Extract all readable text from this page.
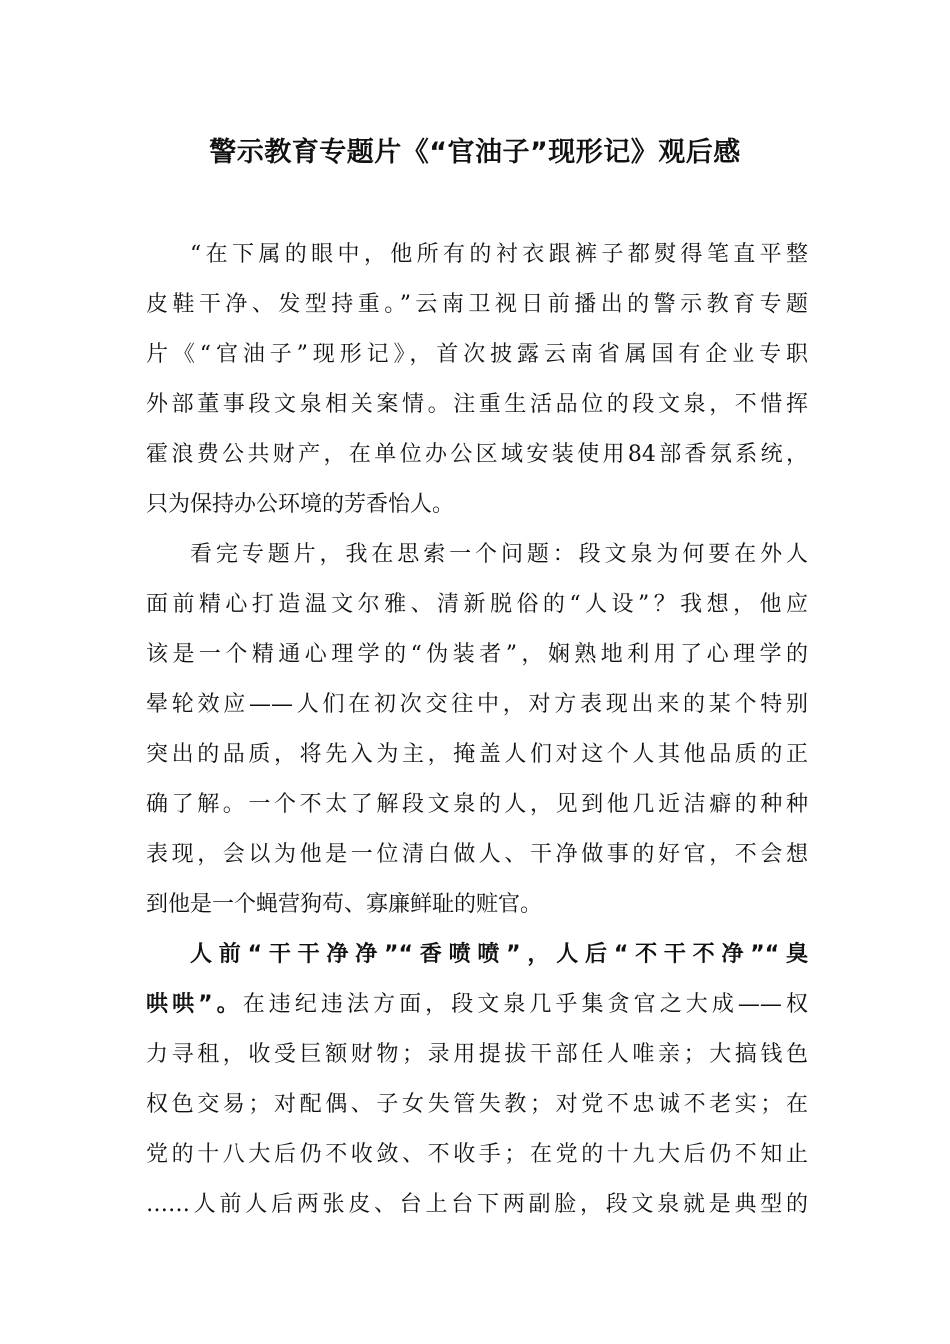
警示教育专题片《“官油子”现形记》观后感
“在下属的眼中，他所有的衬衣跟裤子都熨得笔直平整
皮鞋干净、发型持重。”云南卫视日前播出的警示教育专题
片《“官油子”现形记》，首次披露云南省属国有企业专职
外部董事段文泉相关案情。注重生活品位的段文泉，不惜挥
霍浪费公共财产，在单位办公区域安装使用84部香氛系统，
只为保持办公环境的芳香怡人。
看完专题片，我在思索一个问题：段文泉为何要在外人
面前精心打造温文尔雅、清新脱俗的“人设”？我想，他应
该是一个精通心理学的“伪装者”，娴熟地利用了心理学的
晕轮效应——人们在初次交往中，对方表现出来的某个特别
突出的品质，将先入为主，掩盖人们对这个人其他品质的正
确了解。一个不太了解段文泉的人，见到他几近洁癖的种种
表现，会以为他是一位清白做人、干净做事的好官，不会想
到他是一个蝇营狗苟、寡廉鲜耻的赃官。
人前“干干净净”“香喷喷”，人后“不干不净”“臭
哄哄”。在违纪违法方面，段文泉几乎集贪官之大成——权
力寻租，收受巨额财物；录用提拔干部任人唯亲；大搞钱色
权色交易；对配偶、子女失管失教；对党不忠诚不老实；在
党的十八大后仍不收敛、不收手；在党的十九大后仍不知止
……人前人后两张皮、台上台下两副脸，段文泉就是典型的
